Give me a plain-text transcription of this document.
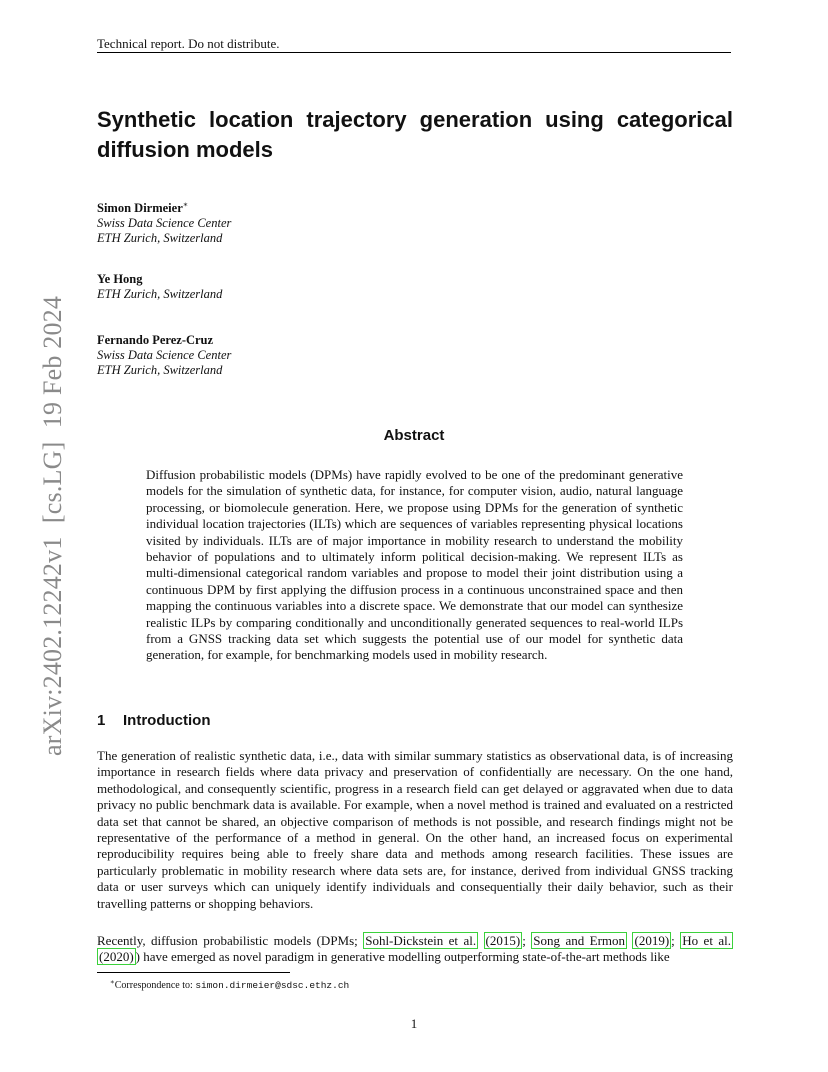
Technical report. Do not distribute.
arXiv:2402.12242v1  [cs.LG]  19 Feb 2024
Synthetic location trajectory generation using categorical diffusion models
Simon Dirmeier∗
Swiss Data Science Center
ETH Zurich, Switzerland
Ye Hong
ETH Zurich, Switzerland
Fernando Perez-Cruz
Swiss Data Science Center
ETH Zurich, Switzerland
Abstract
Diffusion probabilistic models (DPMs) have rapidly evolved to be one of the predominant generative models for the simulation of synthetic data, for instance, for computer vision, audio, natural language processing, or biomolecule generation. Here, we propose using DPMs for the generation of synthetic individual location trajectories (ILTs) which are sequences of variables representing physical locations visited by individuals. ILTs are of major importance in mobility research to understand the mobility behavior of populations and to ultimately inform political decision-making. We represent ILTs as multi-dimensional categorical random variables and propose to model their joint distribution using a continuous DPM by first applying the diffusion process in a continuous unconstrained space and then mapping the continuous variables into a discrete space. We demonstrate that our model can synthesize realistic ILPs by comparing conditionally and unconditionally generated sequences to real-world ILPs from a GNSS tracking data set which suggests the potential use of our model for synthetic data generation, for example, for benchmarking models used in mobility research.
1 Introduction
The generation of realistic synthetic data, i.e., data with similar summary statistics as observational data, is of increasing importance in research fields where data privacy and preservation of confidentially are necessary. On the one hand, methodological, and consequently scientific, progress in a research field can get delayed or aggravated when due to data privacy no public benchmark data is available. For example, when a novel method is trained and evaluated on a restricted data set that cannot be shared, an objective comparison of methods is not possible, and research findings might not be representative of the performance of a method in general. On the other hand, an increased focus on experimental reproducibility requires being able to freely share data and methods among research facilities. These issues are particularly problematic in mobility research where data sets are, for instance, derived from individual GNSS tracking data or user surveys which can uniquely identify individuals and consequentially their daily behavior, such as their travelling patterns or shopping behaviors.
Recently, diffusion probabilistic models (DPMs; Sohl-Dickstein et al. (2015) ; Song and Ermon (2019) ; Ho et al. (2020) ) have emerged as novel paradigm in generative modelling outperforming state-of-the-art methods like
∗Correspondence to: simon.dirmeier@sdsc.ethz.ch
1
